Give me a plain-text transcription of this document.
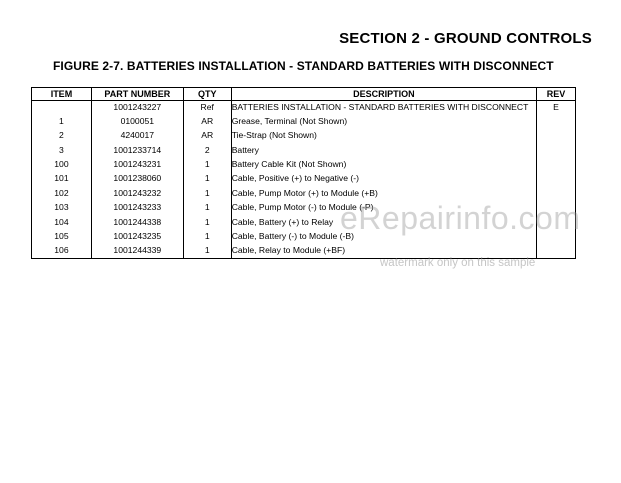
SECTION 2 - GROUND CONTROLS
FIGURE 2-7. BATTERIES INSTALLATION - STANDARD BATTERIES WITH DISCONNECT
ITEM	PART NUMBER	QTY	DESCRIPTION	REV
	1001243227	Ref	BATTERIES INSTALLATION - STANDARD BATTERIES WITH DISCONNECT	E
1	0100051	AR	Grease, Terminal (Not Shown)	
2	4240017	AR	Tie-Strap (Not Shown)	
3	1001233714	2	Battery	
100	1001243231	1	Battery Cable Kit (Not Shown)	
101	1001238060	1	Cable, Positive (+) to Negative (-)	
102	1001243232	1	Cable, Pump Motor (+) to Module (+B)	
103	1001243233	1	Cable, Pump Motor (-) to Module (-P)	
104	1001244338	1	Cable, Battery (+) to Relay	
105	1001243235	1	Cable, Battery (-) to Module (-B)	
106	1001244339	1	Cable, Relay to Module (+BF)	
eRepairinfo.com
watermark only on this sample
